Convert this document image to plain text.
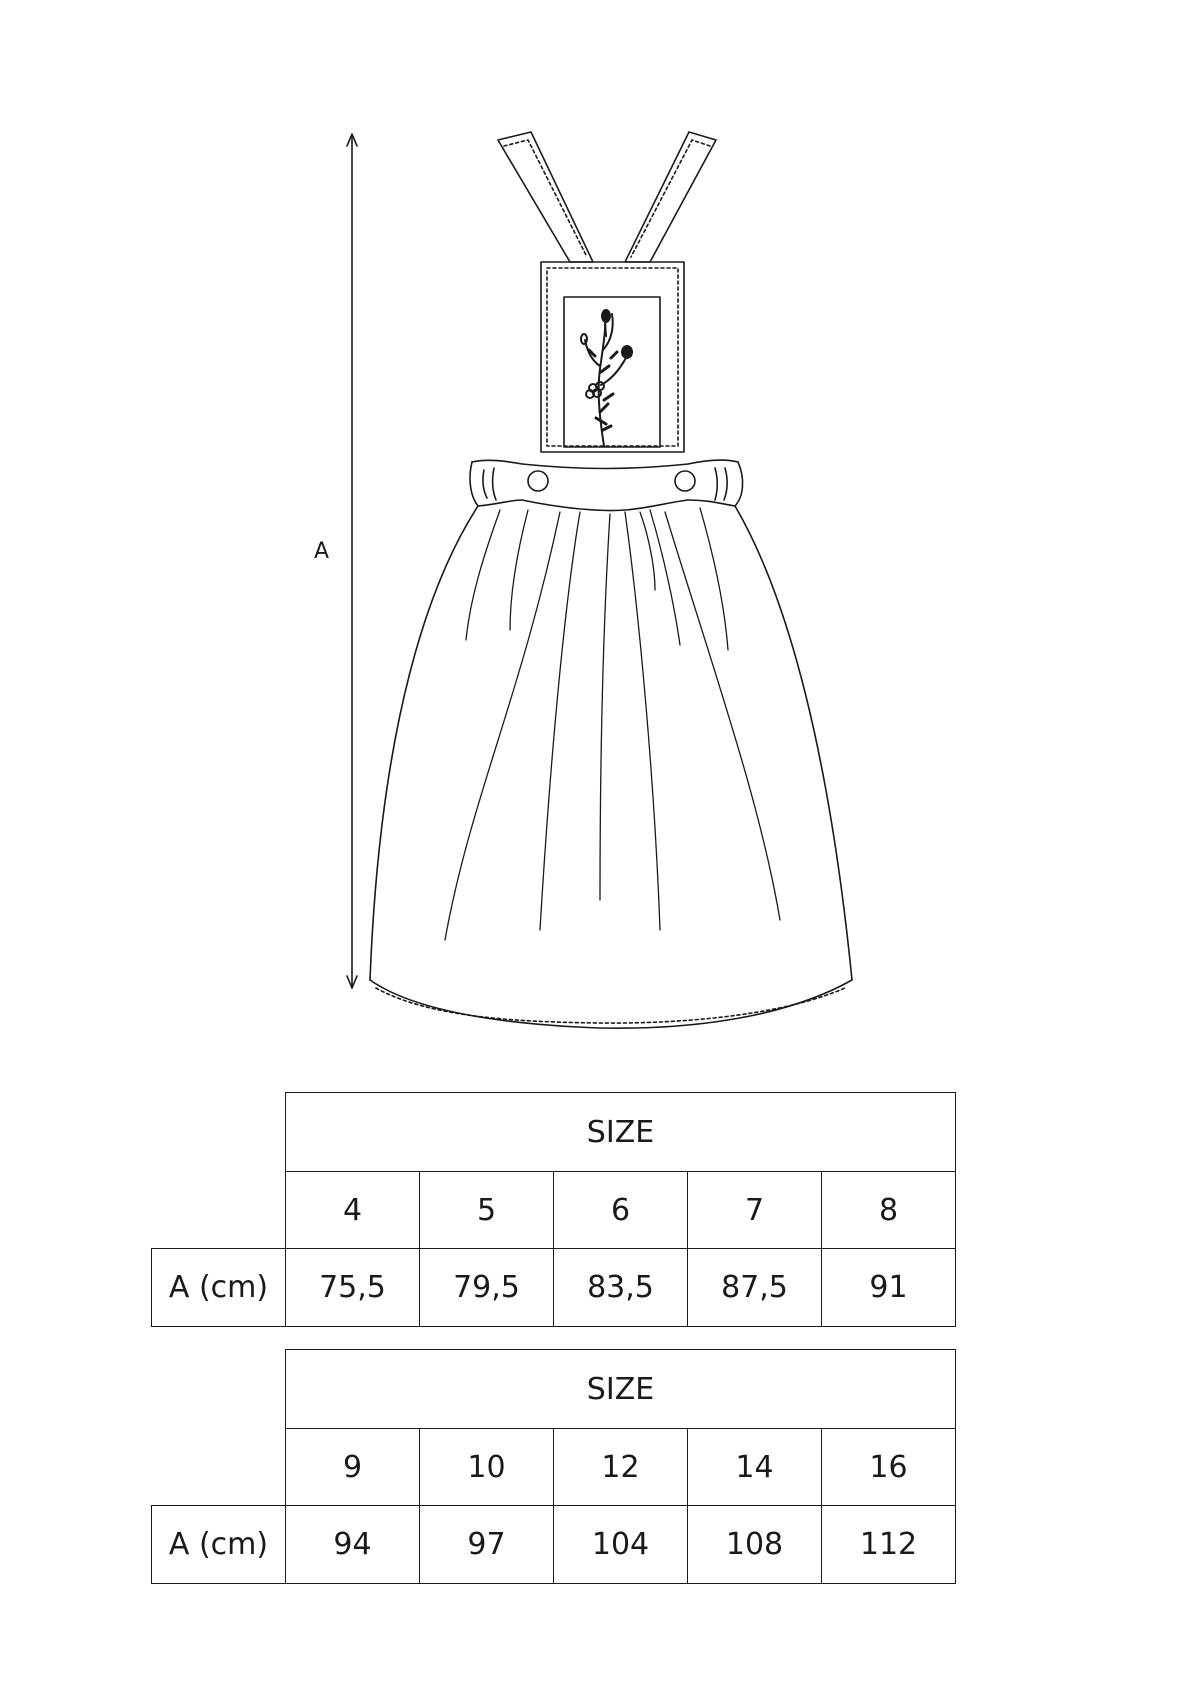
A
	SIZE				
	4	5	6	7	8
A (cm)	75,5	79,5	83,5	87,5	91
	SIZE				
	9	10	12	14	16
A (cm)	94	97	104	108	112
